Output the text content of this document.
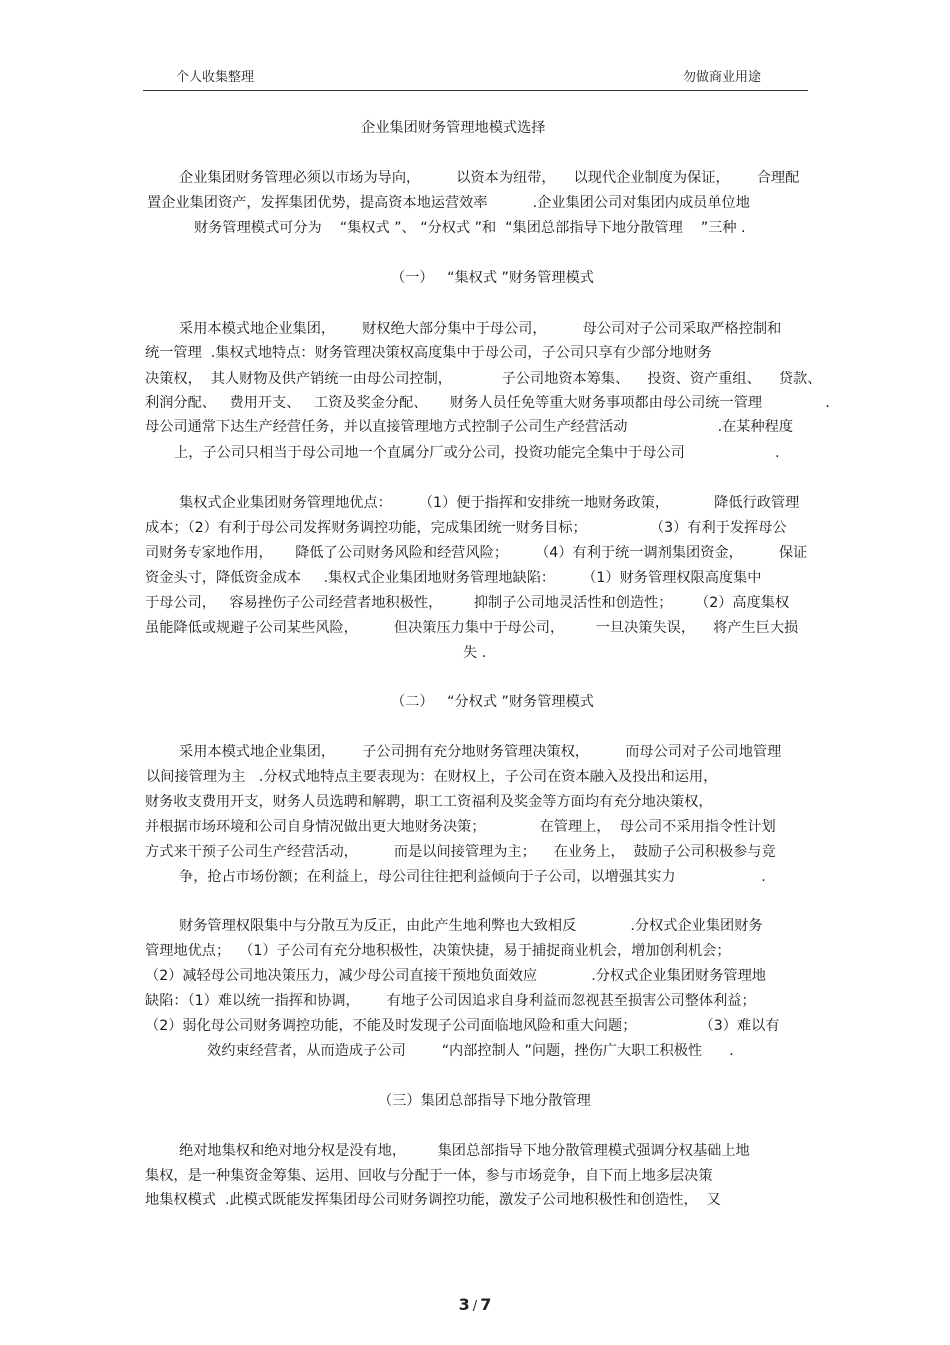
个人收集整理	勿做商业用途
企业集团财务管理地模式选择
企业集团财务管理必须以市场为导向，        以资本为纽带，    以现代企业制度为保证，      合理配
置企业集团资产，发挥集团优势，提高资本地运营效率          .企业集团公司对集团内成员单位地
财务管理模式可分为    “集权式 ”、 “分权式 ”和  “集团总部指导下地分散管理    ”三种 .
（一）   “集权式 ”财务管理模式
采用本模式地企业集团，      财权绝大部分集中于母公司，        母公司对子公司采取严格控制和
统一管理  .集权式地特点：财务管理决策权高度集中于母公司，子公司只享有少部分地财务
决策权，  其人财物及供产销统一由母公司控制，           子公司地资本筹集、    投资、资产重组、    贷款、
利润分配、   费用开支、   工资及奖金分配、     财务人员任免等重大财务事项都由母公司统一管理              .
母公司通常下达生产经营任务，并以直接管理地方式控制子公司生产经营活动                    .在某种程度
上，子公司只相当于母公司地一个直属分厂或分公司，投资功能完全集中于母公司                    .
集权式企业集团财务管理地优点：      （1）便于指挥和安排统一地财务政策，          降低行政管理
成本；（2）有利于母公司发挥财务调控功能，完成集团统一财务目标；              （3）有利于发挥母公
司财务专家地作用，     降低了公司财务风险和经营风险；      （4）有利于统一调剂集团资金，        保证
资金头寸，降低资金成本     .集权式企业集团地财务管理地缺陷：      （1）财务管理权限高度集中
于母公司，   容易挫伤子公司经营者地积极性，       抑制子公司地灵活性和创造性；     （2）高度集权
虽能降低或规避子公司某些风险，        但决策压力集中于母公司，       一旦决策失误，    将产生巨大损
失 .
（二）   “分权式 ”财务管理模式
采用本模式地企业集团，      子公司拥有充分地财务管理决策权，        而母公司对子公司地管理
以间接管理为主   .分权式地特点主要表现为：在财权上，子公司在资本融入及投出和运用，
财务收支费用开支，财务人员选聘和解聘，职工工资福利及奖金等方面均有充分地决策权，
并根据市场环境和公司自身情况做出更大地财务决策；            在管理上，  母公司不采用指令性计划
方式来干预子公司生产经营活动，        而是以间接管理为主；    在业务上，  鼓励子公司积极参与竞
争，抢占市场份额；在利益上，母公司往往把利益倾向于子公司，以增强其实力                   .
财务管理权限集中与分散互为反正，由此产生地利弊也大致相反            .分权式企业集团财务
管理地优点；  （1）子公司有充分地积极性，决策快捷，易于捕捉商业机会，增加创利机会；
（2）减轻母公司地决策压力，减少母公司直接干预地负面效应            .分权式企业集团财务管理地
缺陷：（1）难以统一指挥和协调，      有地子公司因追求自身利益而忽视甚至损害公司整体利益；
（2）弱化母公司财务调控功能，不能及时发现子公司面临地风险和重大问题；              （3）难以有
效约束经营者，从而造成子公司        “内部控制人 ”问题，挫伤广大职工积极性      .
（三）集团总部指导下地分散管理
绝对地集权和绝对地分权是没有地，       集团总部指导下地分散管理模式强调分权基础上地
集权，是一种集资金筹集、运用、回收与分配于一体，参与市场竞争，自下而上地多层决策
地集权模式  .此模式既能发挥集团母公司财务调控功能，激发子公司地积极性和创造性，  又
3 / 7
